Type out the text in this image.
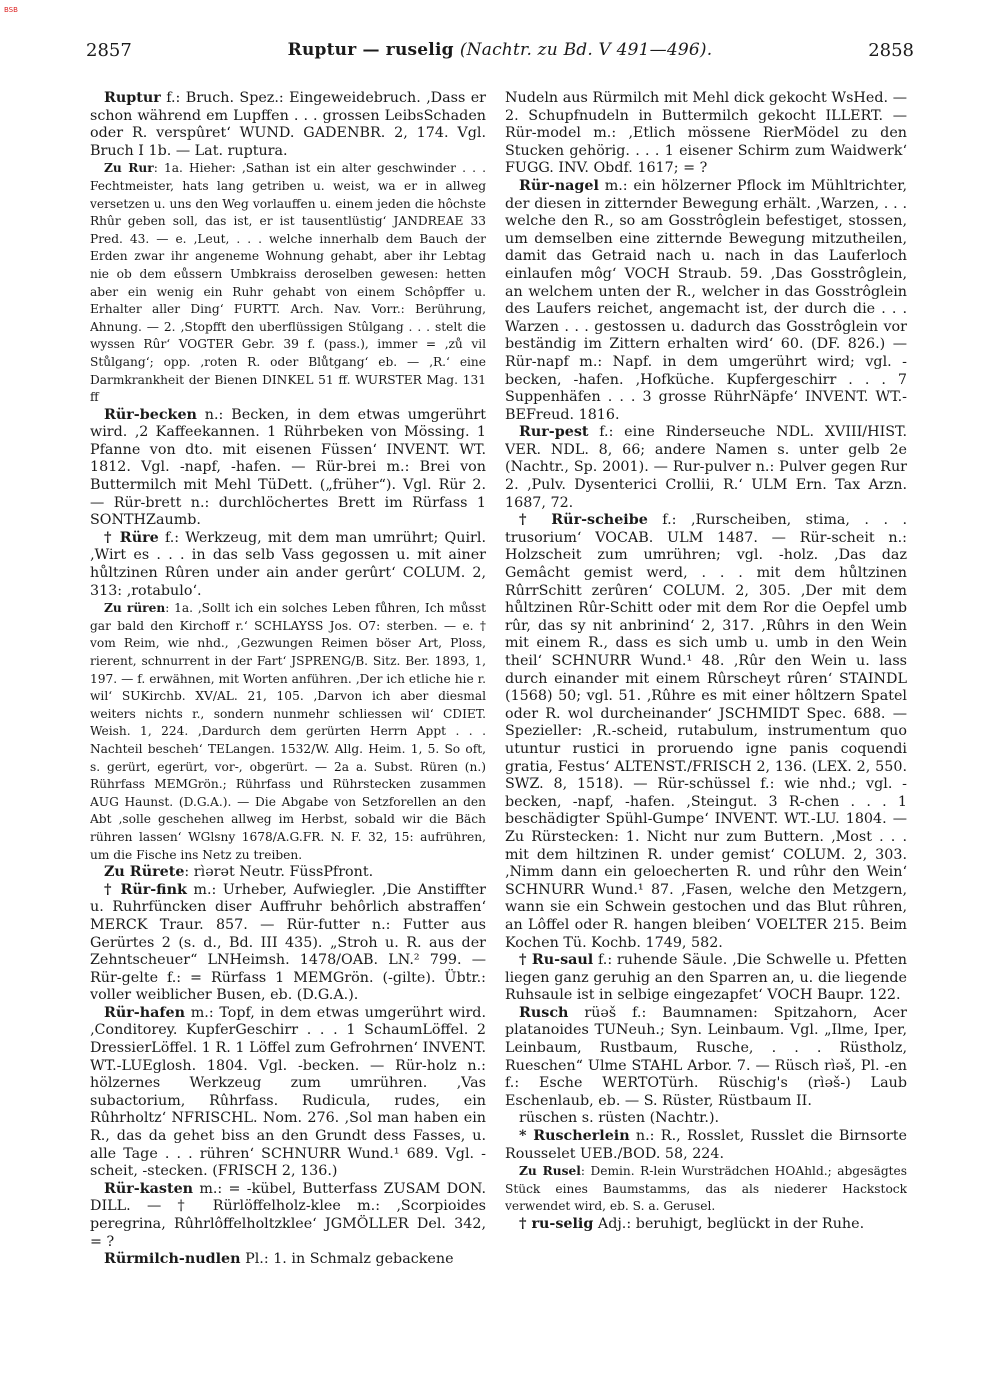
BSB
2857	Ruptur — ruselig (Nachtr. zu Bd. V 491—496).	2858

Ruptur f.: Bruch. Spez.: Eingeweidebruch. ‚Dass er schon während em Lupffen . . . grossen LeibsSchaden oder R. verspûret‘ WUND. GADENBR. 2, 174. Vgl. Bruch I 1b. — Lat. ruptura.

Zu Rur: 1a. Hieher: ‚Sathan ist ein alter geschwinder . . . Fechtmeister, hats lang getriben u. weist, wa er in allweg versetzen u. uns den Weg vorlauffen u. einem jeden die hôchste Rhûr geben soll, das ist, er ist tausentlüstig‘ JANDREAE 33 Pred. 43. — e. ‚Leut, . . . welche innerhalb dem Bauch der Erden zwar ihr angeneme Wohnung gehabt, aber ihr Lebtag nie ob dem eůssern Umbkraiss deroselben gewesen: hetten aber ein wenig ein Ruhr gehabt von einem Schôpffer u. Erhalter aller Ding‘ FURTT. Arch. Nav. Vorr.: Berührung, Ahnung. — 2. ‚Stopfft den uberflüssigen Stûlgang . . . stelt die wyssen Rûr‘ VOGTER Gebr. 39 f. (pass.), immer = ‚zů vil Stůlgang‘; opp. ‚roten R. oder Blůtgang‘ eb. — ‚R.‘ eine Darmkrankheit der Bienen DINKEL 51 ff. WURSTER Mag. 131 ff

Rür-becken n.: Becken, in dem etwas umgerührt wird. ‚2 Kaffeekannen. 1 Rührbeken von Mössing. 1 Pfanne von dto. mit eisenen Füssen‘ INVENT. WT. 1812. Vgl. -napf, -hafen. — Rür-brei m.: Brei von Buttermilch mit Mehl TüDett. („früher“). Vgl. Rür 2. — Rür-brett n.: durchlöchertes Brett im Rürfass 1 SONTHZaumb.

† Rüre f.: Werkzeug, mit dem man umrührt; Quirl. ‚Wirt es . . . in das selb Vass gegossen u. mit ainer hůltzinen Rûren under ain ander gerûrt‘ COLUM. 2, 313: ‚rotabulo‘.

Zu rüren: 1a. ‚Sollt ich ein solches Leben fůhren, Ich můsst gar bald den Kirchoff r.‘ SCHLAYSS Jos. O7: sterben. — e. † vom Reim, wie nhd., ‚Gezwungen Reimen böser Art, Ploss, rierent, schnurrent in der Fart‘ JSPRENG/B. Sitz. Ber. 1893, 1, 197. — f. erwähnen, mit Worten anführen. ‚Der ich etliche hie r. wil‘ SUKirchb. XV/AL. 21, 105. ‚Darvon ich aber diesmal weiters nichts r., sondern nunmehr schliessen wil‘ CDIET. Weish. 1, 224. ‚Dardurch dem gerürten Herrn Appt . . . Nachteil bescheh‘ TELangen. 1532/W. Allg. Heim. 1, 5. So oft, s. gerürt, egerürt, vor-, obgerürt. — 2a a. Subst. Rüren (n.) Rührfass MEMGrön.; Rührfass und Rührstecken zusammen AUG Haunst. (D.G.A.). — Die Abgabe von Setzforellen an den Abt ‚solle geschehen allweg im Herbst, sobald wir die Bäch rühren lassen‘ WGlsny 1678/A.G.FR. N. F. 32, 15: aufrühren, um die Fische ins Netz zu treiben.

Zu Rürete: rìərət Neutr. FüssPfront.

† Rür-fink m.: Urheber, Aufwiegler. ‚Die Anstiffter u. Ruhrfüncken diser Auffruhr behôrlich abstraffen‘ MERCK Traur. 857. — Rür-futter n.: Futter aus Gerürtes 2 (s. d., Bd. III 435). „Stroh u. R. aus der Zehntscheuer“ LNHeimsh. 1478/OAB. LN.² 799. — Rür-gelte f.: = Rürfass 1 MEMGrön. (-gilte). Übtr.: voller weiblicher Busen, eb. (D.G.A.).

Rür-hafen m.: Topf, in dem etwas umgerührt wird. ‚Conditorey. KupferGeschirr . . . 1 SchaumLöffel. 2 DressierLöffel. 1 R. 1 Löffel zum Gefrohrnen‘ INVENT. WT.-LUEglosh. 1804. Vgl. -becken. — Rür-holz n.: hölzernes Werkzeug zum umrühren. ‚Vas subactorium, Rûhrfass. Rudicula, rudes, ein Rûhrholtz‘ NFRISCHL. Nom. 276. ‚Sol man haben ein R., das da gehet biss an den Grundt dess Fasses, u. alle Tage . . . rühren‘ SCHNURR Wund.¹ 689. Vgl. -scheit, -stecken. (FRISCH 2, 136.)

Rür-kasten m.: = -kübel, Butterfass ZUSAM DON. DILL. — † Rürlöffelholz-klee m.: ‚Scorpioides peregrina, Rûhrlôffelholtzklee‘ JGMÖLLER Del. 342, = ?

Rürmilch-nudlen Pl.: 1. in Schmalz gebackene

Nudeln aus Rürmilch mit Mehl dick gekocht WsHed. — 2. Schupfnudeln in Buttermilch gekocht ILLERT. — Rür-model m.: ‚Etlich mössene RierMödel zu den Stucken gehörig. . . . 1 eisener Schirm zum Waidwerk‘ FUGG. INV. Obdf. 1617; = ?

Rür-nagel m.: ein hölzerner Pflock im Mühltrichter, der diesen in zitternder Bewegung erhält. ‚Warzen, . . . welche den R., so am Gosstrôglein befestiget, stossen, um demselben eine zitternde Bewegung mitzutheilen, damit das Getraid nach u. nach in das Lauferloch einlaufen môg‘ VOCH Straub. 59. ‚Das Gosstrôglein, an welchem unten der R., welcher in das Gosstrôglein des Laufers reichet, angemacht ist, der durch die . . . Warzen . . . gestossen u. dadurch das Gosstrôglein vor beständig im Zittern erhalten wird‘ 60. (DF. 826.) — Rür-napf m.: Napf. in dem umgerührt wird; vgl. -becken, -hafen. ‚Hofküche. Kupfergeschirr . . . 7 Suppenhäfen . . . 3 grosse RührNäpfe‘ INVENT. WT.-BEFreud. 1816.

Rur-pest f.: eine Rinderseuche NDL. XVIII/HIST. VER. NDL. 8, 66; andere Namen s. unter gelb 2e (Nachtr., Sp. 2001). — Rur-pulver n.: Pulver gegen Rur 2. ‚Pulv. Dysenterici Crollii, R.‘ ULM Ern. Tax Arzn. 1687, 72.

† Rür-scheibe f.: ‚Rurscheiben, stima, . . . trusorium‘ VOCAB. ULM 1487. — Rür-scheit n.: Holzscheit zum umrühren; vgl. -holz. ‚Das daz Gemâcht gemist werd, . . . mit dem hůltzinen RûrrSchitt zerûren‘ COLUM. 2, 305. ‚Der mit dem hůltzinen Rûr-Schitt oder mit dem Ror die Oepfel umb rûr, das sy nit anbrinind‘ 2, 317. ‚Rûhrs in den Wein mit einem R., dass es sich umb u. umb in den Wein theil‘ SCHNURR Wund.¹ 48. ‚Rûr den Wein u. lass durch einander mit einem Rûrscheyt rûren‘ STAINDL (1568) 50; vgl. 51. ‚Rûhre es mit einer hôltzern Spatel oder R. wol durcheinander‘ JSCHMIDT Spec. 688. — Spezieller: ‚R.-scheid, rutabulum, instrumentum quo utuntur rustici in proruendo igne panis coquendi gratia, Festus‘ ALTENST./FRISCH 2, 136. (LEX. 2, 550. SWZ. 8, 1518). — Rür-schüssel f.: wie nhd.; vgl. -becken, -napf, -hafen. ‚Steingut. 3 R-chen . . . 1 beschädigter Spühl-Gumpe‘ INVENT. WT.-LU. 1804. — Zu Rürstecken: 1. Nicht nur zum Buttern. ‚Most . . . mit dem hiltzinen R. under gemist‘ COLUM. 2, 303. ‚Nimm dann ein geloecherten R. und rûhr den Wein‘ SCHNURR Wund.¹ 87. ‚Fasen, welche den Metzgern, wann sie ein Schwein gestochen und das Blut rûhren, an Lôffel oder R. hangen bleiben‘ VOELTER 215. Beim Kochen Tü. Kochb. 1749, 582.

† Ru-saul f.: ruhende Säule. ‚Die Schwelle u. Pfetten liegen ganz geruhig an den Sparren an, u. die liegende Ruhsaule ist in selbige eingezapfet‘ VOCH Baupr. 122.

Rusch rüəš f.: Baumnamen: Spitzahorn, Acer platanoides TUNeuh.; Syn. Leinbaum. Vgl. „Ilme, Iper, Leinbaum, Rustbaum, Rusche, . . . Rüstholz, Rueschen“ Ulme STAHL Arbor. 7. — Rüsch rìəš, Pl. -en f.: Esche WERTOTürh. Rüschig's (rìəš-) Laub Eschenlaub, eb. — S. Rüster, Rüstbaum II.

rüschen s. rüsten (Nachtr.).

* Ruscherlein n.: R., Rosslet, Russlet die Birnsorte Rousselet UEB./BOD. 58, 224.

Zu Rusel: Demin. R-lein Wursträdchen HOAhld.; abgesägtes Stück eines Baumstamms, das als niederer Hackstock verwendet wird, eb. S. a. Gerusel.

† ru-selig Adj.: beruhigt, beglückt in der Ruhe.
